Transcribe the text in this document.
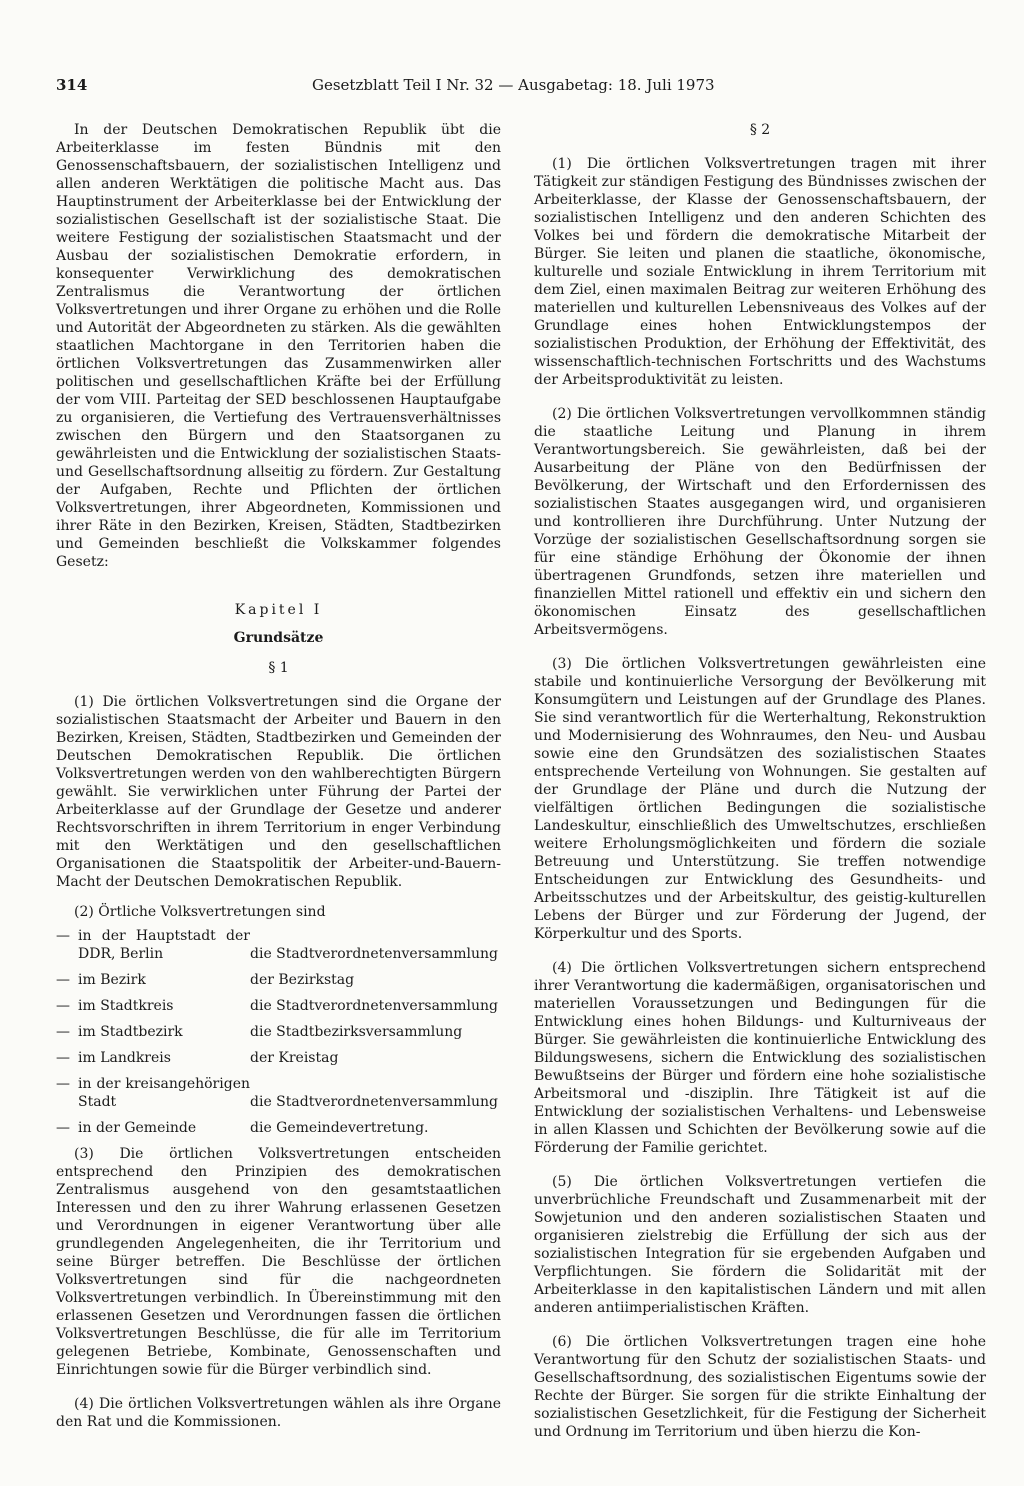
314	Gesetzblatt Teil I Nr. 32 — Ausgabetag: 18. Juli 1973

In der Deutschen Demokratischen Republik übt die Arbeiterklasse im festen Bündnis mit den Genossenschaftsbauern, der sozialistischen Intelligenz und allen anderen Werktätigen die politische Macht aus. Das Hauptinstrument der Arbeiterklasse bei der Entwicklung der sozialistischen Gesellschaft ist der sozialistische Staat. Die weitere Festigung der sozialistischen Staatsmacht und der Ausbau der sozialistischen Demokratie erfordern, in konsequenter Verwirklichung des demokratischen Zentralismus die Verantwortung der örtlichen Volksvertretungen und ihrer Organe zu erhöhen und die Rolle und Autorität der Abgeordneten zu stärken. Als die gewählten staatlichen Machtorgane in den Territorien haben die örtlichen Volksvertretungen das Zusammenwirken aller politischen und gesellschaftlichen Kräfte bei der Erfüllung der vom VIII. Parteitag der SED beschlossenen Hauptaufgabe zu organisieren, die Vertiefung des Vertrauensverhältnisses zwischen den Bürgern und den Staatsorganen zu gewährleisten und die Entwicklung der sozialistischen Staats- und Gesellschaftsordnung allseitig zu fördern. Zur Gestaltung der Aufgaben, Rechte und Pflichten der örtlichen Volksvertretungen, ihrer Abgeordneten, Kommissionen und ihrer Räte in den Bezirken, Kreisen, Städten, Stadtbezirken und Gemeinden beschließt die Volkskammer folgendes Gesetz:

Kapitel I

Grundsätze

§ 1

(1) Die örtlichen Volksvertretungen sind die Organe der sozialistischen Staatsmacht der Arbeiter und Bauern in den Bezirken, Kreisen, Städten, Stadtbezirken und Gemeinden der Deutschen Demokratischen Republik. Die örtlichen Volksvertretungen werden von den wahlberechtigten Bürgern gewählt. Sie verwirklichen unter Führung der Partei der Arbeiterklasse auf der Grundlage der Gesetze und anderer Rechtsvorschriften in ihrem Territorium in enger Verbindung mit den Werktätigen und den gesellschaftlichen Organisationen die Staatspolitik der Arbeiter-und-Bauern-Macht der Deutschen Demokratischen Republik.

(2) Örtliche Volksvertretungen sind

—	in der Hauptstadt der DDR, Berlin	die Stadtverordnetenversammlung
—	im Bezirk	der Bezirkstag
—	im Stadtkreis	die Stadtverordnetenversammlung
—	im Stadtbezirk	die Stadtbezirksversammlung
—	im Landkreis	der Kreistag
—	in der kreisangehörigen Stadt	die Stadtverordnetenversammlung
—	in der Gemeinde	die Gemeindevertretung.

(3) Die örtlichen Volksvertretungen entscheiden entsprechend den Prinzipien des demokratischen Zentralismus ausgehend von den gesamtstaatlichen Interessen und den zu ihrer Wahrung erlassenen Gesetzen und Verordnungen in eigener Verantwortung über alle grundlegenden Angelegenheiten, die ihr Territorium und seine Bürger betreffen. Die Beschlüsse der örtlichen Volksvertretungen sind für die nachgeordneten Volksvertretungen verbindlich. In Übereinstimmung mit den erlassenen Gesetzen und Verordnungen fassen die örtlichen Volksvertretungen Beschlüsse, die für alle im Territorium gelegenen Betriebe, Kombinate, Genossenschaften und Einrichtungen sowie für die Bürger verbindlich sind.

(4) Die örtlichen Volksvertretungen wählen als ihre Organe den Rat und die Kommissionen.

§ 2

(1) Die örtlichen Volksvertretungen tragen mit ihrer Tätigkeit zur ständigen Festigung des Bündnisses zwischen der Arbeiterklasse, der Klasse der Genossenschaftsbauern, der sozialistischen Intelligenz und den anderen Schichten des Volkes bei und fördern die demokratische Mitarbeit der Bürger. Sie leiten und planen die staatliche, ökonomische, kulturelle und soziale Entwicklung in ihrem Territorium mit dem Ziel, einen maximalen Beitrag zur weiteren Erhöhung des materiellen und kulturellen Lebensniveaus des Volkes auf der Grundlage eines hohen Entwicklungstempos der sozialistischen Produktion, der Erhöhung der Effektivität, des wissenschaftlich-technischen Fortschritts und des Wachstums der Arbeitsproduktivität zu leisten.

(2) Die örtlichen Volksvertretungen vervollkommnen ständig die staatliche Leitung und Planung in ihrem Verantwortungsbereich. Sie gewährleisten, daß bei der Ausarbeitung der Pläne von den Bedürfnissen der Bevölkerung, der Wirtschaft und den Erfordernissen des sozialistischen Staates ausgegangen wird, und organisieren und kontrollieren ihre Durchführung. Unter Nutzung der Vorzüge der sozialistischen Gesellschaftsordnung sorgen sie für eine ständige Erhöhung der Ökonomie der ihnen übertragenen Grundfonds, setzen ihre materiellen und finanziellen Mittel rationell und effektiv ein und sichern den ökonomischen Einsatz des gesellschaftlichen Arbeitsvermögens.

(3) Die örtlichen Volksvertretungen gewährleisten eine stabile und kontinuierliche Versorgung der Bevölkerung mit Konsumgütern und Leistungen auf der Grundlage des Planes. Sie sind verantwortlich für die Werterhaltung, Rekonstruktion und Modernisierung des Wohnraumes, den Neu- und Ausbau sowie eine den Grundsätzen des sozialistischen Staates entsprechende Verteilung von Wohnungen. Sie gestalten auf der Grundlage der Pläne und durch die Nutzung der vielfältigen örtlichen Bedingungen die sozialistische Landeskultur, einschließlich des Umweltschutzes, erschließen weitere Erholungsmöglichkeiten und fördern die soziale Betreuung und Unterstützung. Sie treffen notwendige Entscheidungen zur Entwicklung des Gesundheits- und Arbeitsschutzes und der Arbeitskultur, des geistig-kulturellen Lebens der Bürger und zur Förderung der Jugend, der Körperkultur und des Sports.

(4) Die örtlichen Volksvertretungen sichern entsprechend ihrer Verantwortung die kadermäßigen, organisatorischen und materiellen Voraussetzungen und Bedingungen für die Entwicklung eines hohen Bildungs- und Kulturniveaus der Bürger. Sie gewährleisten die kontinuierliche Entwicklung des Bildungswesens, sichern die Entwicklung des sozialistischen Bewußtseins der Bürger und fördern eine hohe sozialistische Arbeitsmoral und -disziplin. Ihre Tätigkeit ist auf die Entwicklung der sozialistischen Verhaltens- und Lebensweise in allen Klassen und Schichten der Bevölkerung sowie auf die Förderung der Familie gerichtet.

(5) Die örtlichen Volksvertretungen vertiefen die unverbrüchliche Freundschaft und Zusammenarbeit mit der Sowjetunion und den anderen sozialistischen Staaten und organisieren zielstrebig die Erfüllung der sich aus der sozialistischen Integration für sie ergebenden Aufgaben und Verpflichtungen. Sie fördern die Solidarität mit der Arbeiterklasse in den kapitalistischen Ländern und mit allen anderen antiimperialistischen Kräften.

(6) Die örtlichen Volksvertretungen tragen eine hohe Verantwortung für den Schutz der sozialistischen Staats- und Gesellschaftsordnung, des sozialistischen Eigentums sowie der Rechte der Bürger. Sie sorgen für die strikte Einhaltung der sozialistischen Gesetzlichkeit, für die Festigung der Sicherheit und Ordnung im Territorium und üben hierzu die Kon-
